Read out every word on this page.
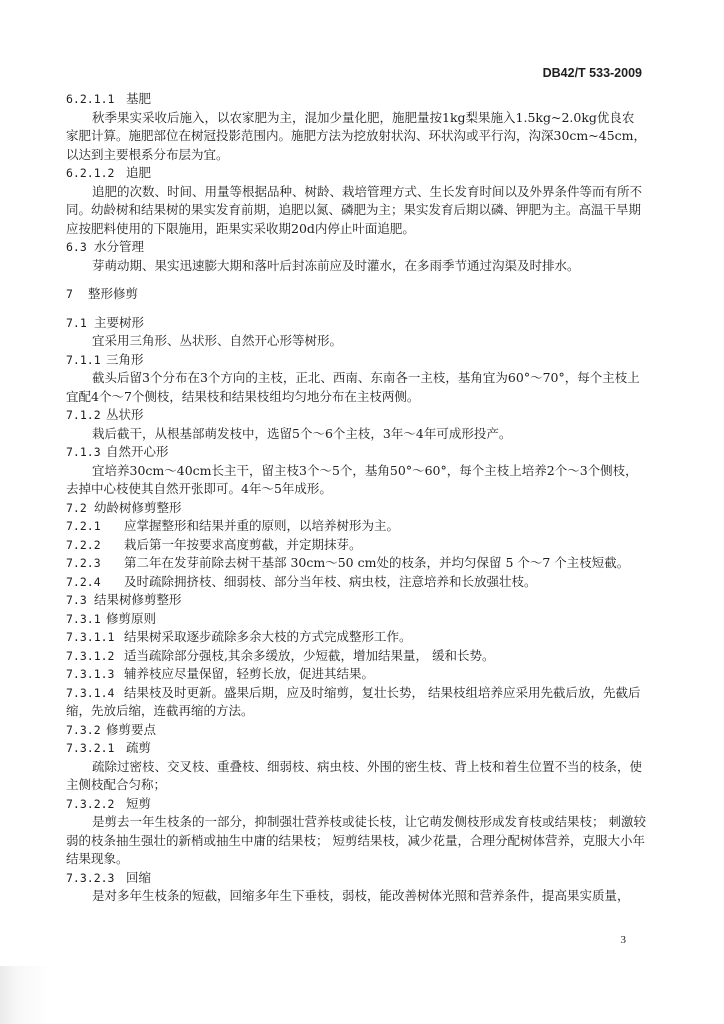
DB42/T 533-2009
6.2.1.1 基肥
秋季果实采收后施入，以农家肥为主，混加少量化肥，施肥量按1kg梨果施入1.5kg~2.0kg优良农家肥计算。施肥部位在树冠投影范围内。施肥方法为挖放射状沟、环状沟或平行沟，沟深30cm~45cm，以达到主要根系分布层为宜。
6.2.1.2 追肥
追肥的次数、时间、用量等根据品种、树龄、栽培管理方式、生长发育时间以及外界条件等而有所不同。幼龄树和结果树的果实发育前期，追肥以氮、磷肥为主；果实发育后期以磷、钾肥为主。高温干旱期应按肥料使用的下限施用，距果实采收期20d内停止叶面追肥。
6.3 水分管理
芽萌动期、果实迅速膨大期和落叶后封冻前应及时灌水，在多雨季节通过沟渠及时排水。
7 整形修剪
7.1 主要树形
宜采用三角形、丛状形、自然开心形等树形。
7.1.1 三角形
截头后留3个分布在3个方向的主枝，正北、西南、东南各一主枝，基角宜为60°～70°，每个主枝上宜配4个～7个侧枝，结果枝和结果枝组均匀地分布在主枝两侧。
7.1.2 丛状形
栽后截干，从根基部萌发枝中，选留5个～6个主枝，3年～4年可成形投产。
7.1.3 自然开心形
宜培养30cm～40cm长主干，留主枝3个～5个，基角50°～60°，每个主枝上培养2个～3个侧枝，去掉中心枝使其自然开张即可。4年～5年成形。
7.2 幼龄树修剪整形
7.2.1 应掌握整形和结果并重的原则，以培养树形为主。
7.2.2 栽后第一年按要求高度剪截，并定期抹芽。
7.2.3 第二年在发芽前除去树干基部 30cm～50 cm处的枝条，并均匀保留 5 个～7 个主枝短截。
7.2.4 及时疏除拥挤枝、细弱枝、部分当年枝、病虫枝，注意培养和长放强壮枝。
7.3 结果树修剪整形
7.3.1 修剪原则
7.3.1.1 结果树采取逐步疏除多余大枝的方式完成整形工作。
7.3.1.2 适当疏除部分强枝,其余多缓放，少短截，增加结果量， 缓和长势。
7.3.1.3 辅养枝应尽量保留，轻剪长放，促进其结果。
7.3.1.4 结果枝及时更新。盛果后期，应及时缩剪，复壮长势， 结果枝组培养应采用先截后放，先截后缩，先放后缩，连截再缩的方法。
7.3.2 修剪要点
7.3.2.1 疏剪
疏除过密枝、交叉枝、重叠枝、细弱枝、病虫枝、外围的密生枝、背上枝和着生位置不当的枝条，使主侧枝配合匀称；
7.3.2.2 短剪
是剪去一年生枝条的一部分，抑制强壮营养枝或徒长枝，让它萌发侧枝形成发育枝或结果枝； 刺激较弱的枝条抽生强壮的新梢或抽生中庸的结果枝； 短剪结果枝，减少花量，合理分配树体营养，克服大小年结果现象。
7.3.2.3 回缩
是对多年生枝条的短截，回缩多年生下垂枝，弱枝，能改善树体光照和营养条件，提高果实质量，
3
